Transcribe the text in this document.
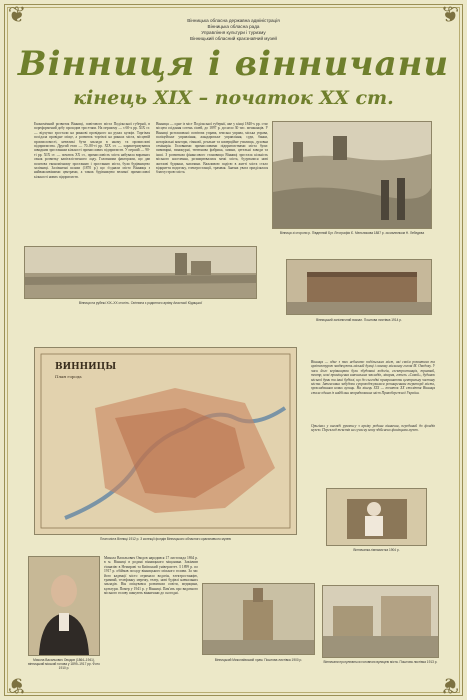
❦	❦
❦	❦
Вінницька обласна державна адміністрація
Вінницька обласна рада
Управління культури і туризму
Вінницький обласний краєзнавчий музей
Вінниця і вінничани
кінець XIX – початок XX ст.
Економічний розвиток Вінниці, повітового міста Подільської губернії, в пореформений добу проходив три етапи. На першому — з 60-х рр. XIX ст. — відчутно зростали на ринкові провідного на руках купців. Торгівля посідала провідне місце, а розвиток торгівлі на ринках міста, місцевій промисловості, невеликі бути заклади в ньому та промислові підприємства. Другий етап — 70–80-ті рр. XIX ст. — характеризувався швидким зростанням кількості промислових підприємств. У першій — 90-ті рр. XIX ст. — початок XX ст., промисловість міста набувала виразних ознак розвитку капіталістичного ладу. Головними факторами, що дав поштовх економічному зростанню і зростанню міста, були будівництво залізниці. Залізничні шляхи (1870 р.) що з'єднали місто Вінниця з найважливішими центрами, а також будівництво великої промислової кількості нових підприємств.
Вінниця — одне із міст Подільської губернії, яке у кінці 1840-х рр. стає місцем осідання сотень сімей, до 1897 р. досягло 30 тис. мешканців. У Вінниці розташовані: повітова управа, земська управа, міська управа, поліцейське управління, жандармське управління, суди, банки, нотаріальні контори, гімназії, реальне та комерційне училища, духовна семінарія. Головними промисловими підприємствами міста були: пивоварні, винокурні, тютюнова фабрика, млини, цегельні заводи та інші. З розвитком фінансового становища Вінниці зростала кількість міського населення, розширювалися межі міста, будувалися нові житлові будинки, магазини. Важливою подією в житті міста стало відкриття водогону, електростанції, трамвая. Значна увага приділялася благоустрою міста.
Вінниця зі сторони р. Південний Буг. Літографія Є. Мельникова 1887 р. за малюнком Н. Лебедєва
Вінниця на рубежі XIX–XX століть. Світлина з родинного архіву Анастасії Юдицької
Вінницький залізничний вокзал. Поштова листівка 1914 р.
ВИННИЦЫ
План города
План міста Вінниці 1912 р. З колекції фондів Вінницького обласного краєзнавчого музею
Вінниця — одне з тих небагато подільських міст, які своїм розвитком та архітектурою завдячують міській думці і самому міському голові М. Оводову. У часи його керівництва були збудовані водогін, електростанція, трамвай, театр, нові приміщення навчальних закладів, лікарня, готель «Савой», будинок міської думи та інші будівлі, що до сьогодні прикрашають центральну частину міста. Інтенсивна забудова супроводжувалася розширенням території міста, прокладанням нових вулиць. На кінець XIX — початок XX століття Вінниця стала одним із найбільш впорядкованих міст Правобережної України.
Оригінал у вигляді рукопису з архіву родини вінничан, переданий до фондів музею. Переклад текстів на сучасну мову здійснено фахівцями музею.
Вінничанка-гімназистка 1904 р.
Микола Васильович Оводов (1864–1941), вінницький міський голова у 1899–1917 рр. Фото 1910 р.
Микола Васильович Оводов народився 17 листопада 1864 р. в м. Вінниці в родині вінницького міщанина. Закінчив гімназію в Немирові та Київський університет. З 1899 р. по 1917 р. обіймав посаду вінницького міського голови. За час його каденції місто отримало водогін, електростанцію, трамвай, телефонну мережу, театр, нові будівлі навчальних закладів. Він опікувався розвитком освіти, медицини, культури. Помер у 1941 р. у Вінниці. Пам'ять про видатного міського голову шанують вінничани до сьогодні.
Вінницький Миколаївський храм. Поштова листівка 1900 р.	Вінничани прогулюються головною вулицею міста. Поштова листівка 1913 р.
